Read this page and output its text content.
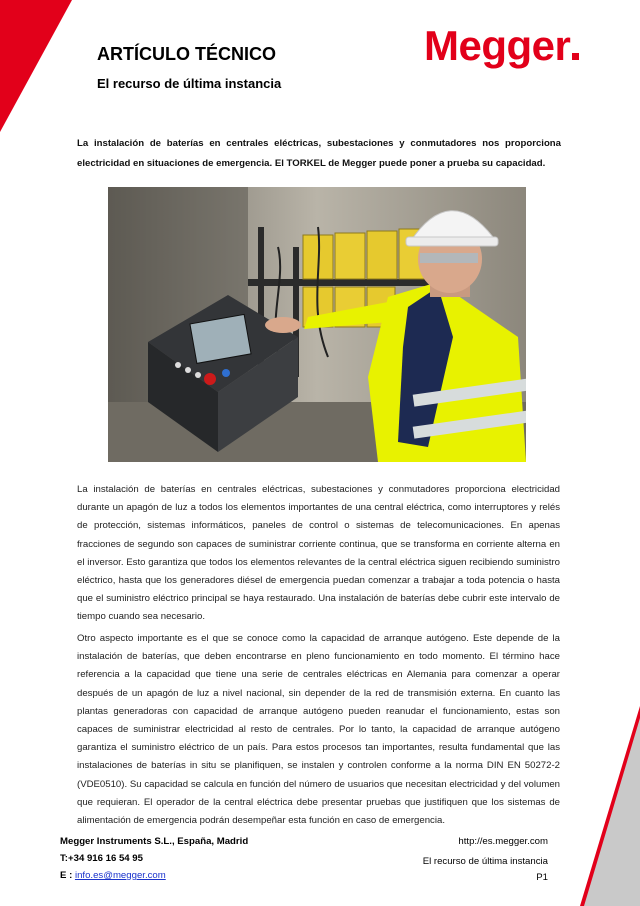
ARTÍCULO TÉCNICO
El recurso de última instancia
Megger

La instalación de baterías en centrales eléctricas, subestaciones y conmutadores nos proporciona electricidad en situaciones de emergencia. El TORKEL de Megger puede poner a prueba su capacidad.

La instalación de baterías en centrales eléctricas, subestaciones y conmutadores proporciona electricidad durante un apagón de luz a todos los elementos importantes de una central eléctrica, como interruptores y relés de protección, sistemas informáticos, paneles de control o sistemas de telecomunicaciones. En apenas fracciones de segundo son capaces de suministrar corriente continua, que se transforma en corriente alterna en el inversor. Esto garantiza que todos los elementos relevantes de la central eléctrica siguen recibiendo suministro eléctrico, hasta que los generadores diésel de emergencia puedan comenzar a trabajar a toda potencia o hasta que el suministro eléctrico principal se haya restaurado. Una instalación de baterías debe cubrir este intervalo de tiempo cuando sea necesario.

Otro aspecto importante es el que se conoce como la capacidad de arranque autógeno. Este depende de la instalación de baterías, que deben encontrarse en pleno funcionamiento en todo momento. El término hace referencia a la capacidad que tiene una serie de centrales eléctricas en Alemania para comenzar a operar después de un apagón de luz a nivel nacional, sin depender de la red de transmisión externa. En cuanto las plantas generadoras con capacidad de arranque autógeno pueden reanudar el funcionamiento, estas son capaces de suministrar electricidad al resto de centrales. Por lo tanto, la capacidad de arranque autógeno garantiza el suministro eléctrico de un país. Para estos procesos tan importantes, resulta fundamental que las instalaciones de baterías in situ se planifiquen, se instalen y controlen conforme a la norma DIN EN 50272-2 (VDE0510). Su capacidad se calcula en función del número de usuarios que necesitan electricidad y del volumen que requieran. El operador de la central eléctrica debe presentar pruebas que justifiquen que los sistemas de alimentación de emergencia podrán desempeñar esta función en caso de emergencia.

Megger Instruments S.L., España, Madrid

T:+34 916 16 54 95

E : info.es@megger.com

http://es.megger.com

El recurso de última instancia

P1
